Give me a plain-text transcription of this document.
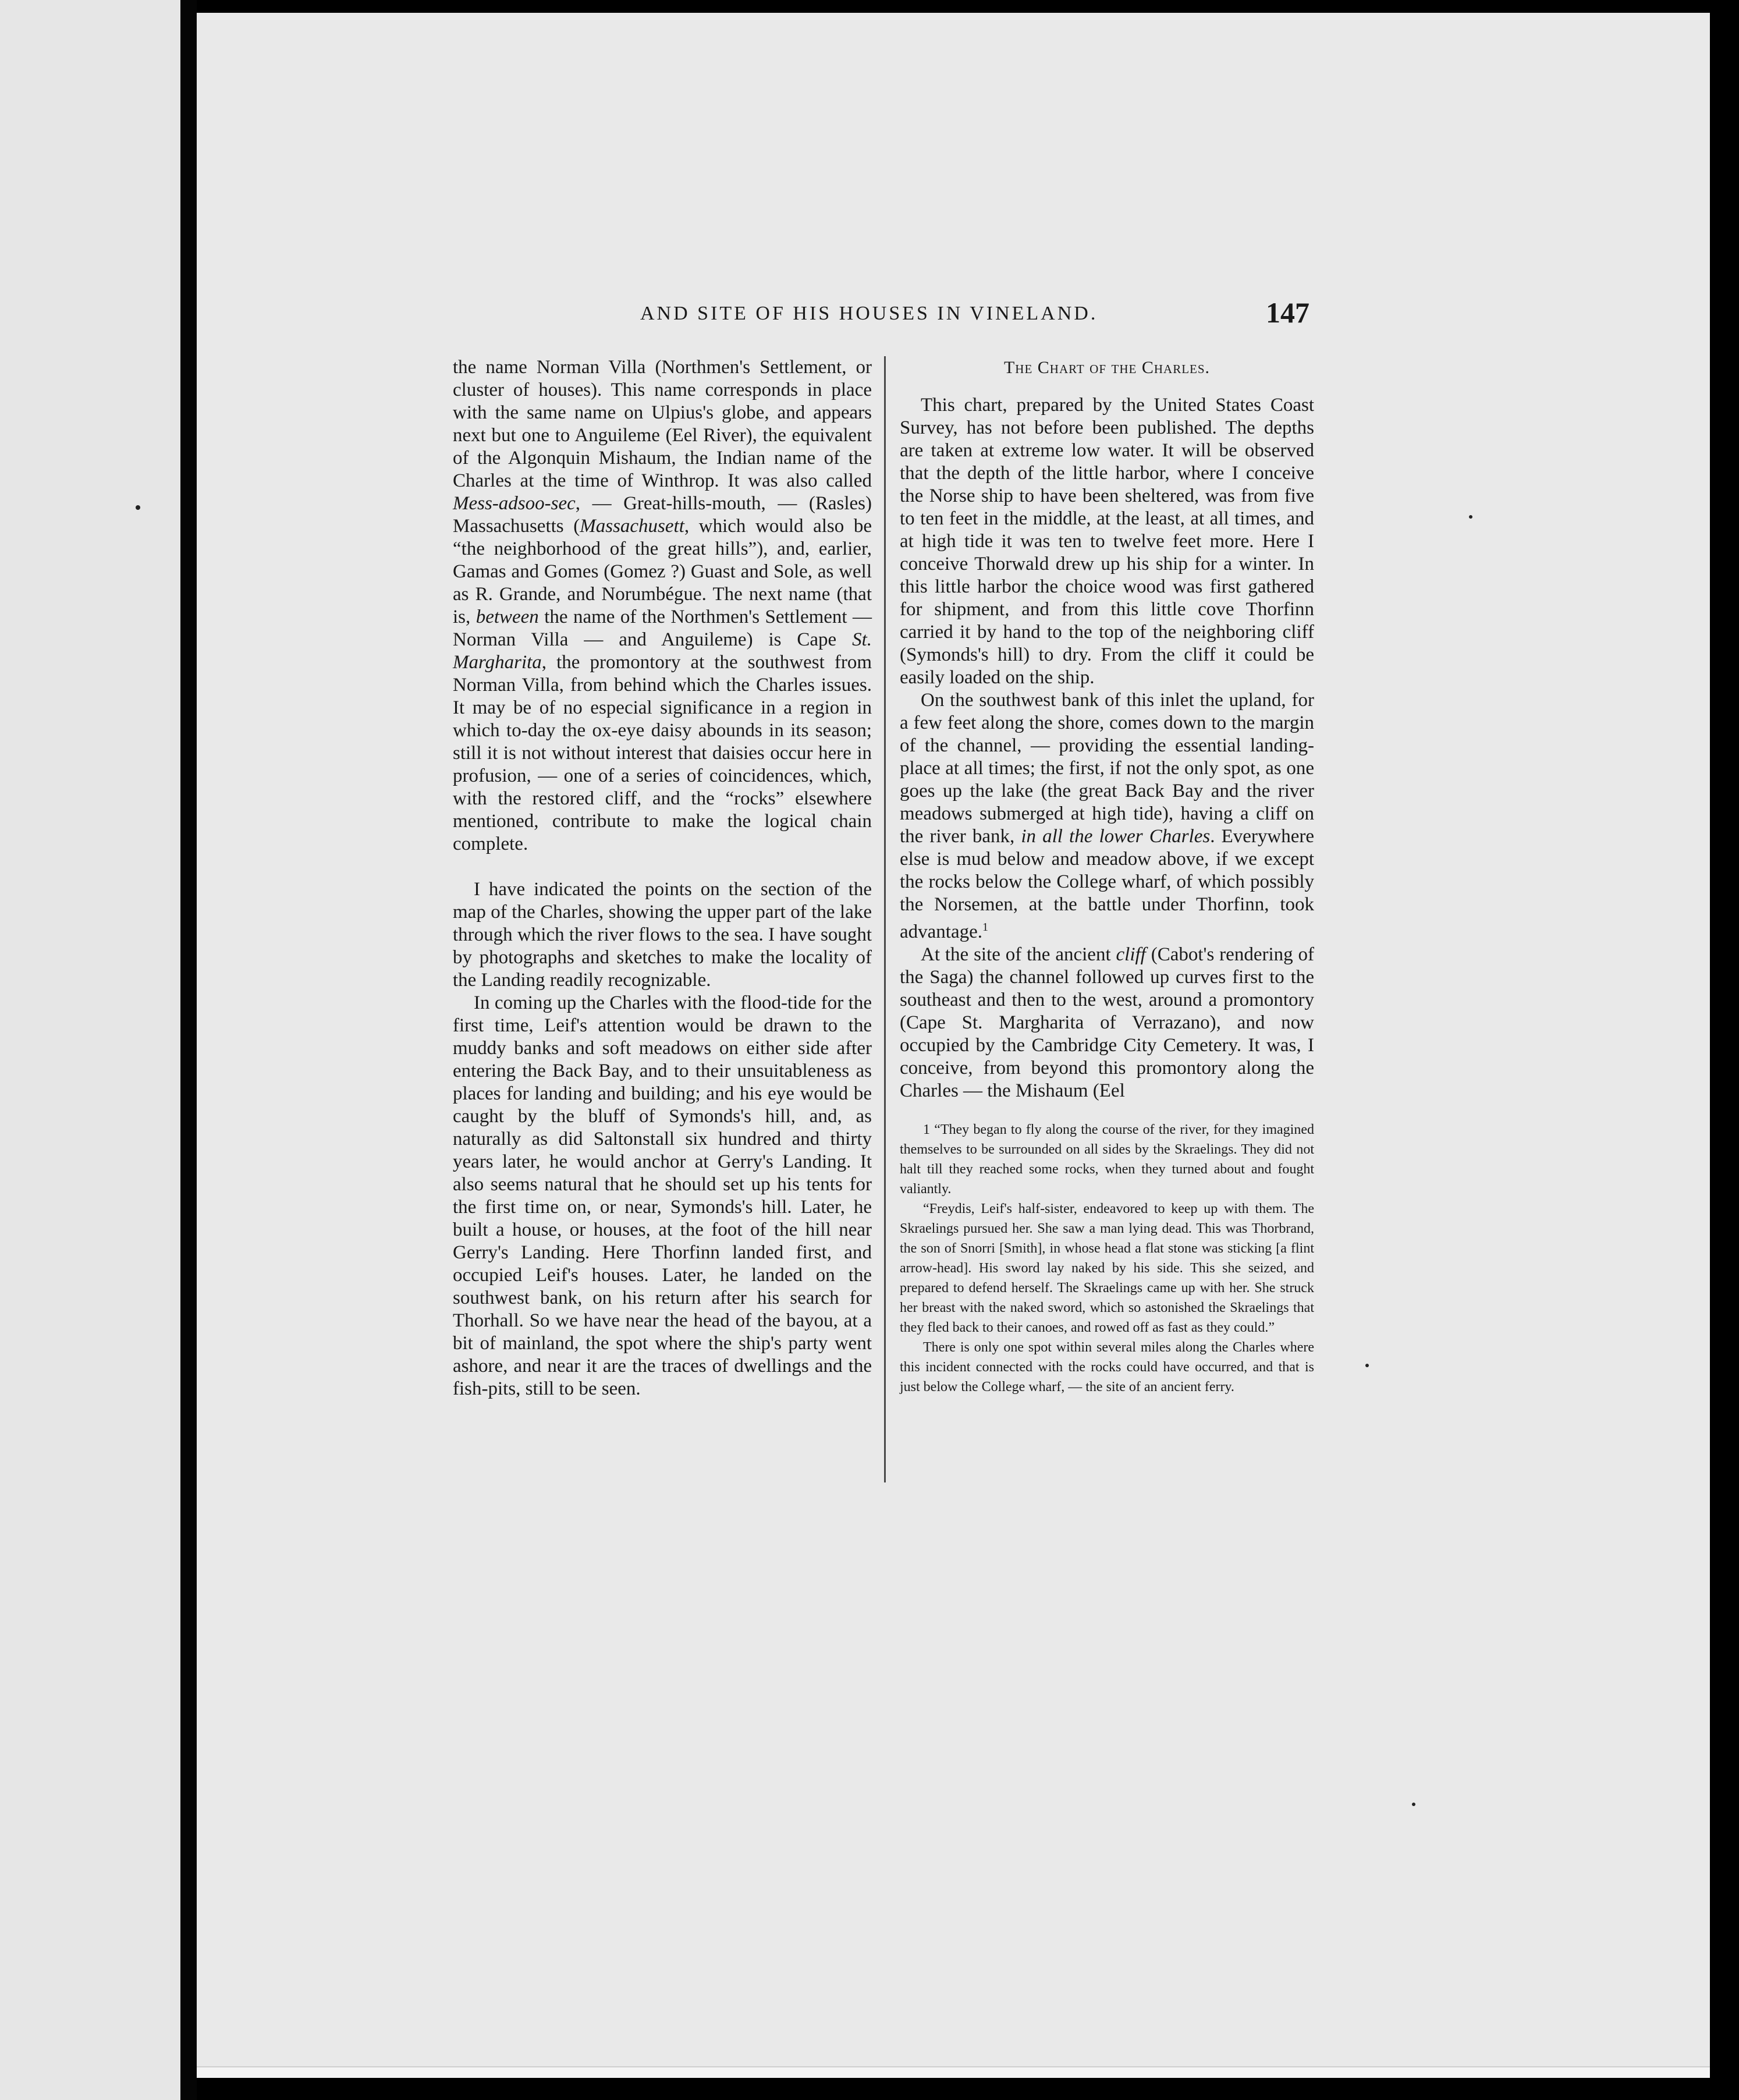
AND SITE OF HIS HOUSES IN VINELAND.	147

the name Norman Villa (Northmen's Settlement, or cluster of houses). This name corresponds in place with the same name on Ulpius's globe, and appears next but one to Anguileme (Eel River), the equivalent of the Algonquin Mishaum, the Indian name of the Charles at the time of Winthrop. It was also called Mess-adsoo-sec, — Great-hills-mouth, — (Rasles) Massachusetts (Massachusett, which would also be “the neighborhood of the great hills”), and, earlier, Gamas and Gomes (Gomez ?) Guast and Sole, as well as R. Grande, and Norumbégue. The next name (that is, between the name of the Northmen's Settlement — Norman Villa — and Anguileme) is Cape St. Margharita, the promontory at the southwest from Norman Villa, from behind which the Charles issues. It may be of no especial significance in a region in which to-day the ox-eye daisy abounds in its season; still it is not without interest that daisies occur here in profusion, — one of a series of coincidences, which, with the restored cliff, and the “rocks” elsewhere mentioned, contribute to make the logical chain complete.

I have indicated the points on the section of the map of the Charles, showing the upper part of the lake through which the river flows to the sea. I have sought by photographs and sketches to make the locality of the Landing readily recognizable.

In coming up the Charles with the flood-tide for the first time, Leif's attention would be drawn to the muddy banks and soft meadows on either side after entering the Back Bay, and to their unsuitableness as places for landing and building; and his eye would be caught by the bluff of Symonds's hill, and, as naturally as did Saltonstall six hundred and thirty years later, he would anchor at Gerry's Landing. It also seems natural that he should set up his tents for the first time on, or near, Symonds's hill. Later, he built a house, or houses, at the foot of the hill near Gerry's Landing. Here Thorfinn landed first, and occupied Leif's houses. Later, he landed on the southwest bank, on his return after his search for Thorhall. So we have near the head of the bayou, at a bit of mainland, the spot where the ship's party went ashore, and near it are the traces of dwellings and the fish-pits, still to be seen.

The Chart of the Charles.

This chart, prepared by the United States Coast Survey, has not before been published. The depths are taken at extreme low water. It will be observed that the depth of the little harbor, where I conceive the Norse ship to have been sheltered, was from five to ten feet in the middle, at the least, at all times, and at high tide it was ten to twelve feet more. Here I conceive Thorwald drew up his ship for a winter. In this little harbor the choice wood was first gathered for shipment, and from this little cove Thorfinn carried it by hand to the top of the neighboring cliff (Symonds's hill) to dry. From the cliff it could be easily loaded on the ship.

On the southwest bank of this inlet the upland, for a few feet along the shore, comes down to the margin of the channel, — providing the essential landing-place at all times; the first, if not the only spot, as one goes up the lake (the great Back Bay and the river meadows submerged at high tide), having a cliff on the river bank, in all the lower Charles. Everywhere else is mud below and meadow above, if we except the rocks below the College wharf, of which possibly the Norsemen, at the battle under Thorfinn, took advantage.$^1$

At the site of the ancient cliff (Cabot's rendering of the Saga) the channel followed up curves first to the southeast and then to the west, around a promontory (Cape St. Margharita of Verrazano), and now occupied by the Cambridge City Cemetery. It was, I conceive, from beyond this promontory along the Charles — the Mishaum (Eel

1 “They began to fly along the course of the river, for they imagined themselves to be surrounded on all sides by the Skraelings. They did not halt till they reached some rocks, when they turned about and fought valiantly.

“Freydis, Leif's half-sister, endeavored to keep up with them. The Skraelings pursued her. She saw a man lying dead. This was Thorbrand, the son of Snorri [Smith], in whose head a flat stone was sticking [a flint arrow-head]. His sword lay naked by his side. This she seized, and prepared to defend herself. The Skraelings came up with her. She struck her breast with the naked sword, which so astonished the Skraelings that they fled back to their canoes, and rowed off as fast as they could.”

There is only one spot within several miles along the Charles where this incident connected with the rocks could have occurred, and that is just below the College wharf, — the site of an ancient ferry.
